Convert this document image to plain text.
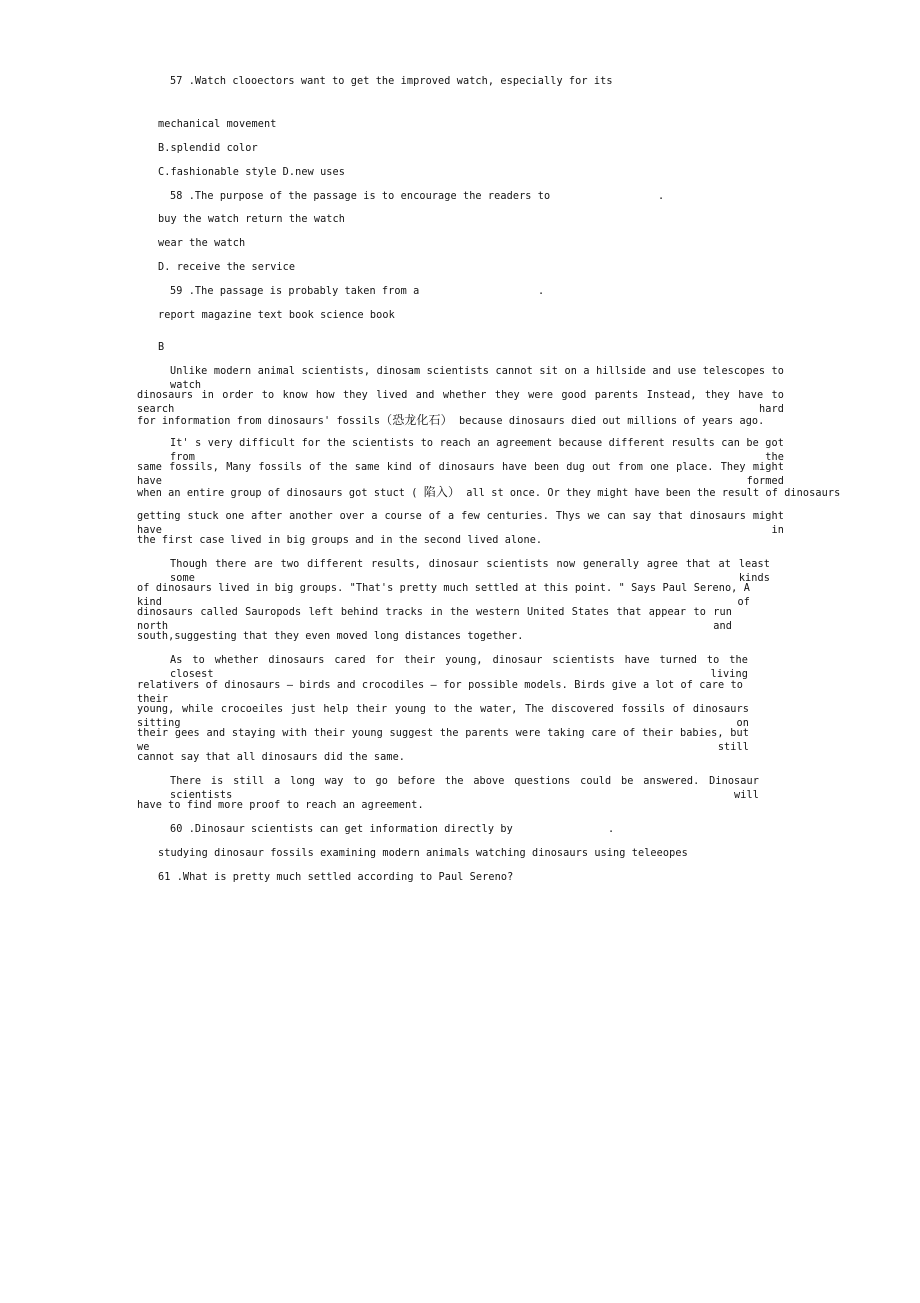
57 .Watch clooectors want to get the improved watch, especially for its
mechanical movement
B.splendid color
C.fashionable style D.new uses
58 .The purpose of the passage is to encourage the readers to	.
buy the watch return the watch
wear the watch
D. receive the service
59 .The passage is probably taken from a	.
report magazine text book science book
B
Unlike modern animal scientists, dinosam scientists cannot sit on a hillside and use telescopes to watch
dinosaurs in order to know how they lived and whether they were good parents Instead, they have to search hard
for information from dinosaurs' fossils（恐龙化石） because dinosaurs died out millions of years ago.
It' s very difficult for the scientists to reach an agreement because different results can be got from the
same fossils, Many fossils of the same kind of dinosaurs have been dug out from one place. They might have formed
when an entire group of dinosaurs got stuct ( 陷入） all st once. Or they might have been the result of dinosaurs
getting stuck one after another over a course of a few centuries. Thys we can say that dinosaurs might have in
the first case lived in big groups and in the second lived alone.
Though there are two different results, dinosaur scientists now generally agree that at least some kinds
of dinosaurs lived in big groups. "That's pretty much settled at this point. " Says Paul Sereno, A kind of
dinosaurs called Sauropods left behind tracks in the western United States that appear to run north and
south,suggesting that they even moved long distances together.
As to whether dinosaurs cared for their young, dinosaur scientists have turned to the closest living
relativers of dinosaurs — birds and crocodiles — for possible models. Birds give a lot of care to their
young, while crocoeiles just help their young to the water, The discovered fossils of dinosaurs sitting on
their gees and staying with their young suggest the parents were taking care of their babies, but we still
cannot say that all dinosaurs did the same.
There is still a long way to go before the above questions could be answered. Dinosaur scientists will
have to find more proof to reach an agreement.
60 .Dinosaur scientists can get information directly by	.
studying dinosaur fossils examining modern animals watching dinosaurs using teleeopes
61 .What is pretty much settled according to Paul Sereno?
